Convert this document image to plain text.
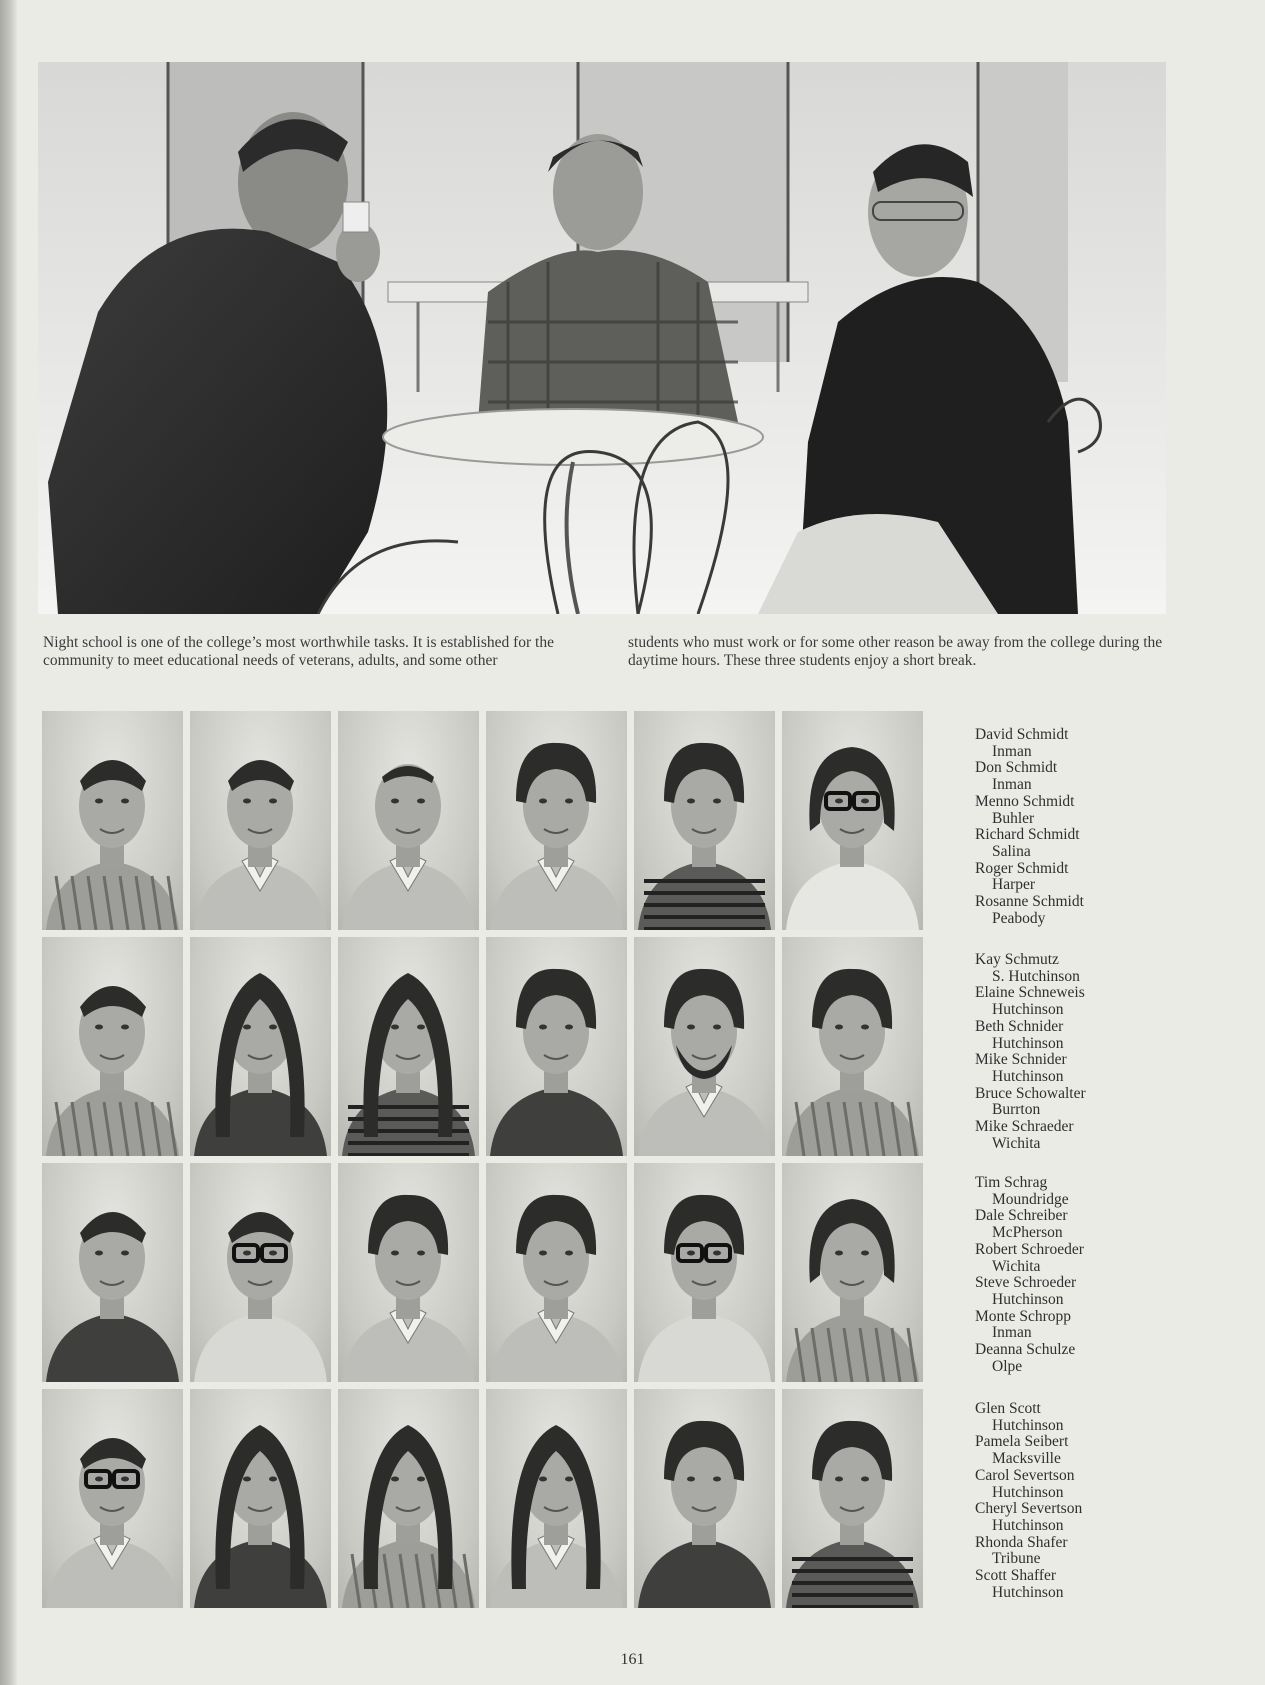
Night school is one of the college’s most worthwhile tasks. It is established for the community to meet educational needs of veterans, adults, and some other

students who must work or for some other reason be away from the college during the daytime hours. These three students enjoy a short break.

David Schmidt
Inman
Don Schmidt
Inman
Menno Schmidt
Buhler
Richard Schmidt
Salina
Roger Schmidt
Harper
Rosanne Schmidt
Peabody
Kay Schmutz
S. Hutchinson
Elaine Schneweis
Hutchinson
Beth Schnider
Hutchinson
Mike Schnider
Hutchinson
Bruce Schowalter
Burrton
Mike Schraeder
Wichita
Tim Schrag
Moundridge
Dale Schreiber
McPherson
Robert Schroeder
Wichita
Steve Schroeder
Hutchinson
Monte Schropp
Inman
Deanna Schulze
Olpe
Glen Scott
Hutchinson
Pamela Seibert
Macksville
Carol Severtson
Hutchinson
Cheryl Severtson
Hutchinson
Rhonda Shafer
Tribune
Scott Shaffer
Hutchinson
161
